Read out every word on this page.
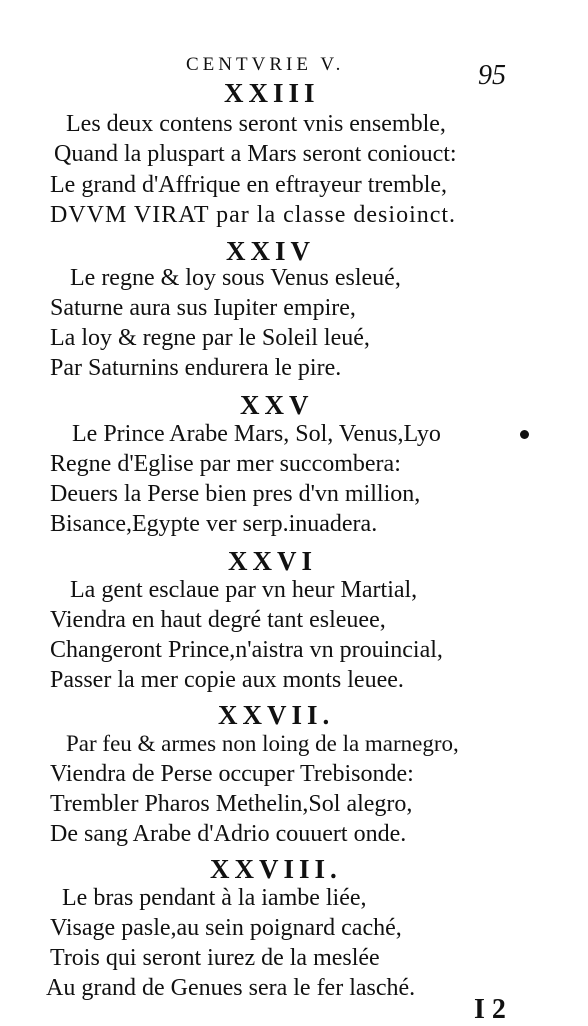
CENTVRIE V.	95
XXIII
Les deux contens seront vnis ensemble,
Quand la pluspart a Mars seront coniouct:
Le grand d'Affrique en eftrayeur tremble,
DVVM VIRAT par la classe desioinct.
XXIV
Le regne & loy sous Venus esleué,
Saturne aura sus Iupiter empire,
La loy & regne par le Soleil leué,
Par Saturnins endurera le pire.
XXV
Le Prince Arabe Mars, Sol, Venus,Lyo
Regne d'Eglise par mer succombera:
Deuers la Perse bien pres d'vn million,
Bisance,Egypte ver serp.inuadera.
XXVI
La gent esclaue par vn heur Martial,
Viendra en haut degré tant esleuee,
Changeront Prince,n'aistra vn prouincial,
Passer la mer copie aux monts leuee.
XXVII.
Par feu & armes non loing de la marnegro,
Viendra de Perse occuper Trebisonde:
Trembler Pharos Methelin,Sol alegro,
De sang Arabe d'Adrio couuert onde.
XXVIII.
Le bras pendant à la iambe liée,
Visage pasle,au sein poignard caché,
Trois qui seront iurez de la meslée
Au grand de Genues sera le fer lasché.
I 2
